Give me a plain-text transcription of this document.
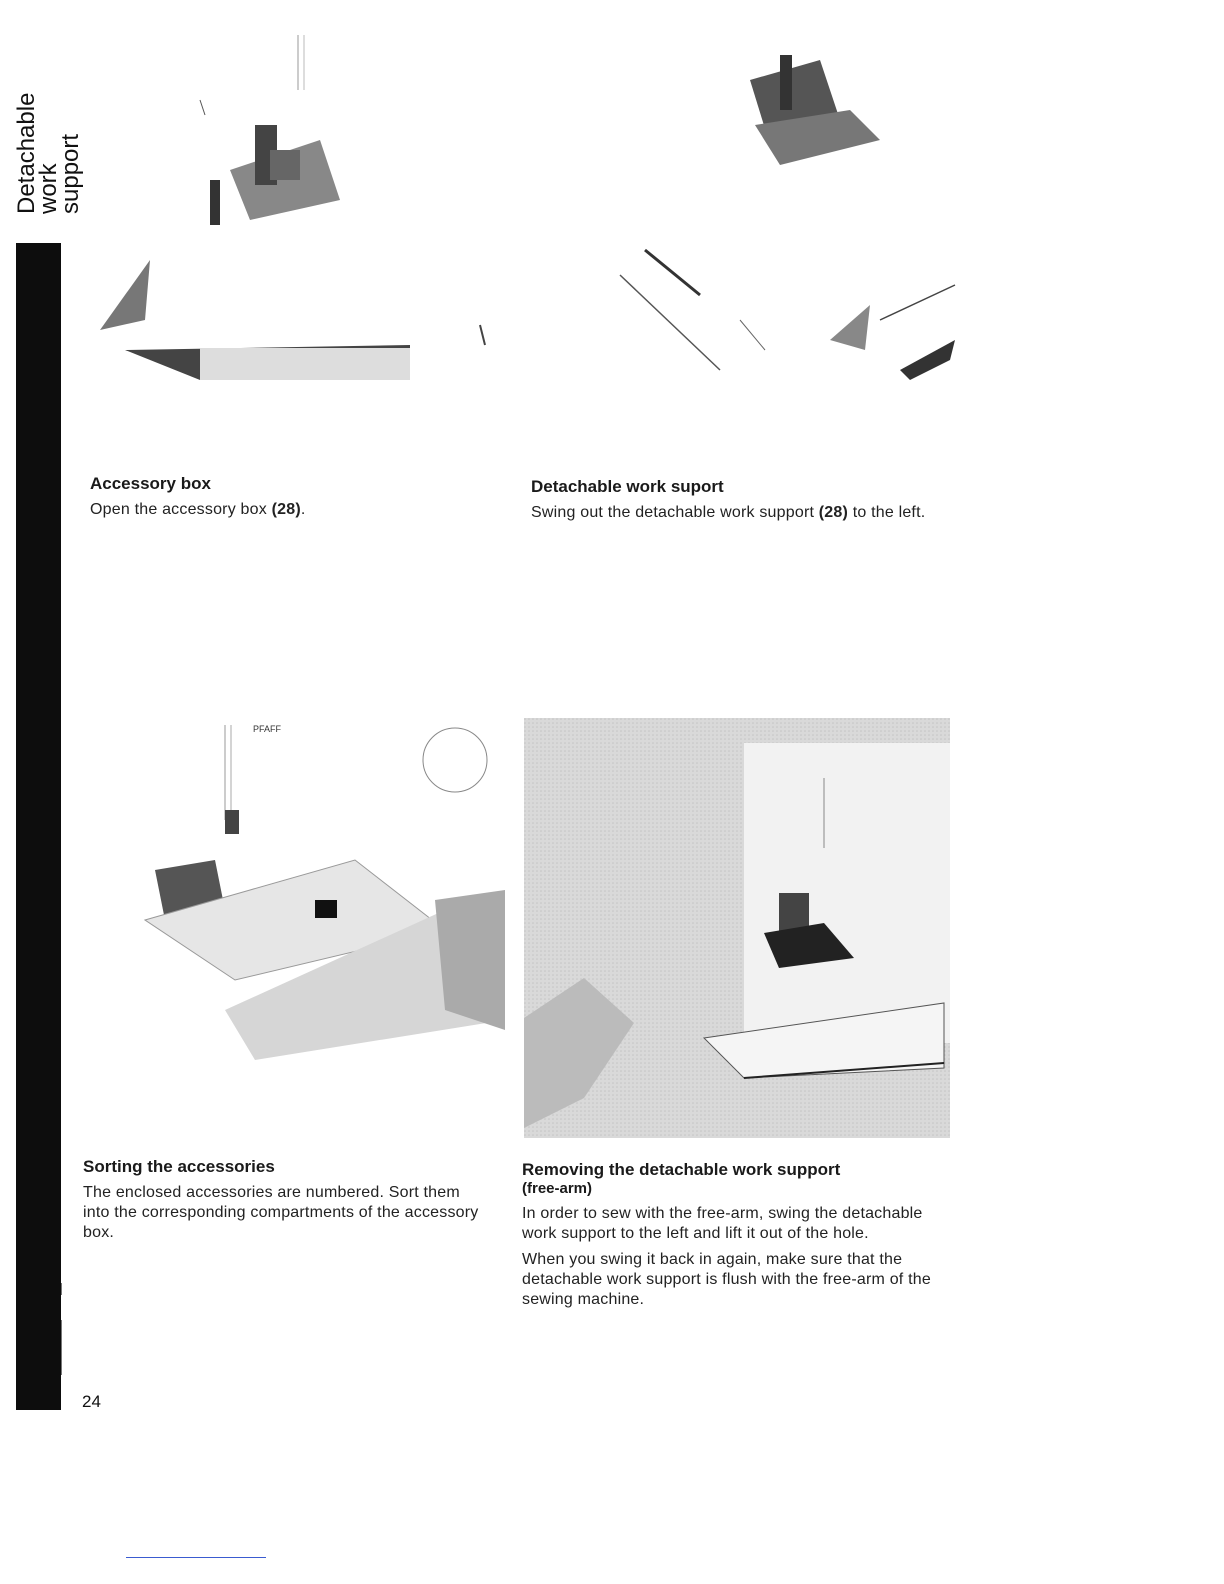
Detachable work
support
Accessory box

Open the accessory box (28).

Detachable work suport

Swing out the detachable work support (28) to the left.

PFAFF
Sorting the accessories

The enclosed accessories are numbered. Sort them into the corresponding compartments of the accessory box.

Removing the detachable work support
(free-arm)

In order to sew with the free-arm, swing the detachable work support to the left and lift it out of the hole.

When you swing it back in again, make sure that the detachable work support is flush with the free-arm of the sewing machine.

24
